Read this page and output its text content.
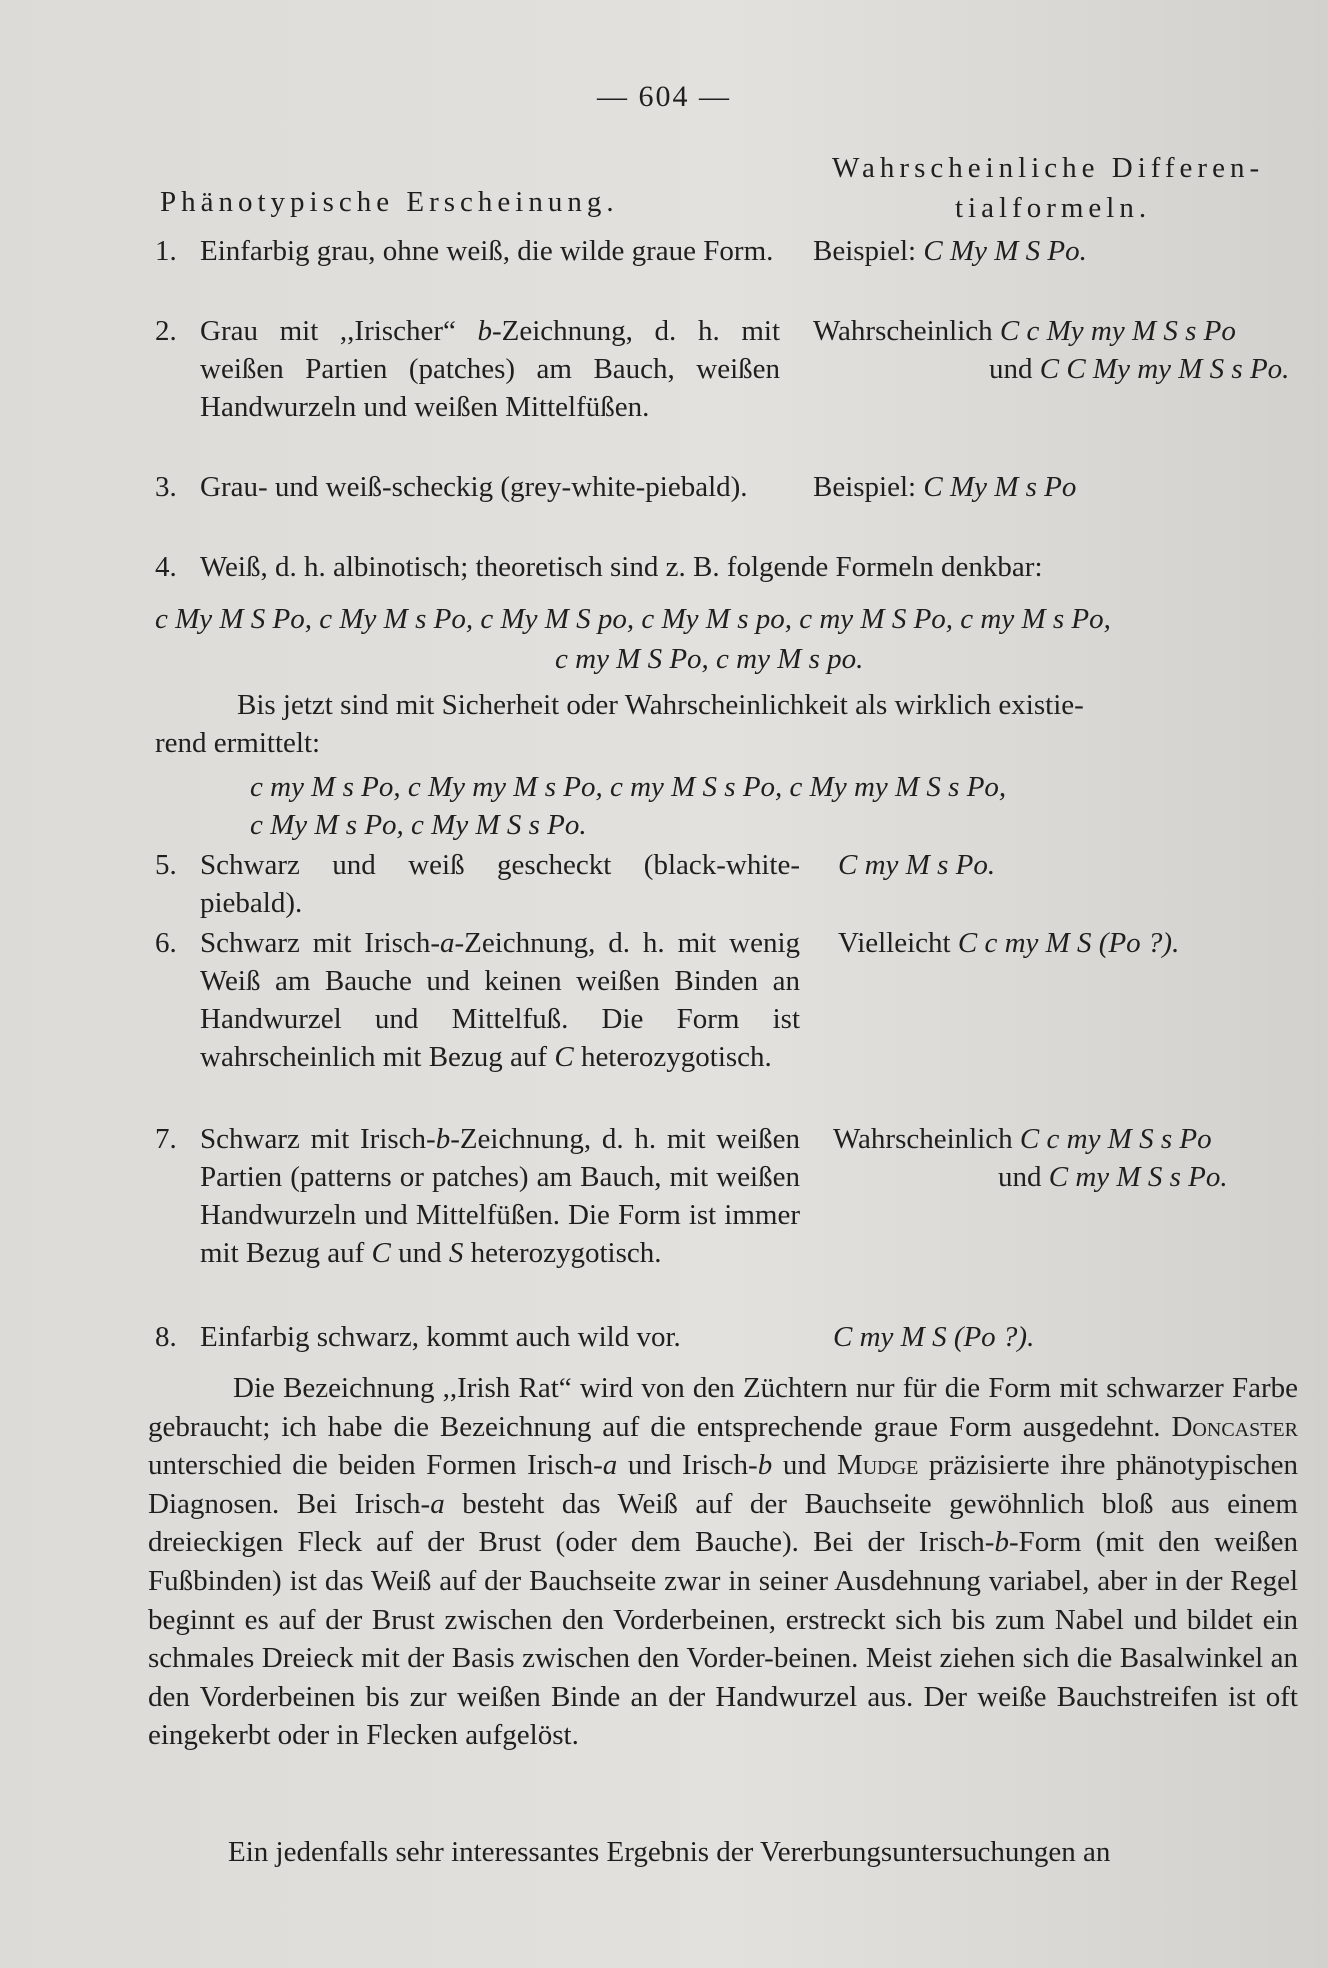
— 604 —
Phänotypische Erscheinung.
Wahrscheinliche Differen-
tialformeln.
1. Einfarbig grau, ohne weiß, die wilde graue Form. Beispiel: C My M S Po.
2. Grau mit ,,Irischer“ b-Zeichnung, d. h. mit weißen Partien (patches) am Bauch, weißen Handwurzeln und weißen Mittelfüßen.
Wahrscheinlich C c My my M S s Po
und C C My my M S s Po.
3. Grau- und weiß-scheckig (grey-white-piebald).	Beispiel: C My M s Po
4. Weiß, d. h. albinotisch; theoretisch sind z. B. folgende Formeln denkbar:
c My M S Po, c My M s Po, c My M S po, c My M s po, c my M S Po, c my M s Po,
c my M S Po, c my M s po.
Bis jetzt sind mit Sicherheit oder Wahrscheinlichkeit als wirklich existie-
rend ermittelt:
c my M s Po, c My my M s Po, c my M S s Po, c My my M S s Po,
c My M s Po, c My M S s Po.
5. Schwarz und weiß gescheckt (black-white-piebald).
C my M s Po.
6. Schwarz mit Irisch-a-Zeichnung, d. h. mit wenig Weiß am Bauche und keinen weißen Binden an Handwurzel und Mittelfuß. Die Form ist wahrscheinlich mit Bezug auf C heterozygotisch.
Vielleicht C c my M S (Po ?).
7. Schwarz mit Irisch-b-Zeichnung, d. h. mit weißen Partien (patterns or patches) am Bauch, mit weißen Handwurzeln und Mittelfüßen. Die Form ist immer mit Bezug auf C und S heterozygotisch.
Wahrscheinlich C c my M S s Po
und C my M S s Po.
8. Einfarbig schwarz, kommt auch wild vor.	C my M S (Po ?).
Die Bezeichnung ,,Irish Rat“ wird von den Züchtern nur für die Form mit schwarzer Farbe gebraucht; ich habe die Bezeichnung auf die entsprechende graue Form ausgedehnt. Doncaster unterschied die beiden Formen Irisch-a und Irisch-b und Mudge präzisierte ihre phänotypischen Diagnosen. Bei Irisch-a besteht das Weiß auf der Bauchseite gewöhnlich bloß aus einem dreieckigen Fleck auf der Brust (oder dem Bauche). Bei der Irisch-b-Form (mit den weißen Fußbinden) ist das Weiß auf der Bauchseite zwar in seiner Ausdehnung variabel, aber in der Regel beginnt es auf der Brust zwischen den Vorderbeinen, erstreckt sich bis zum Nabel und bildet ein schmales Dreieck mit der Basis zwischen den Vorder-beinen. Meist ziehen sich die Basalwinkel an den Vorderbeinen bis zur weißen Binde an der Handwurzel aus. Der weiße Bauchstreifen ist oft eingekerbt oder in Flecken aufgelöst.
Ein jedenfalls sehr interessantes Ergebnis der Vererbungsuntersuchungen an
